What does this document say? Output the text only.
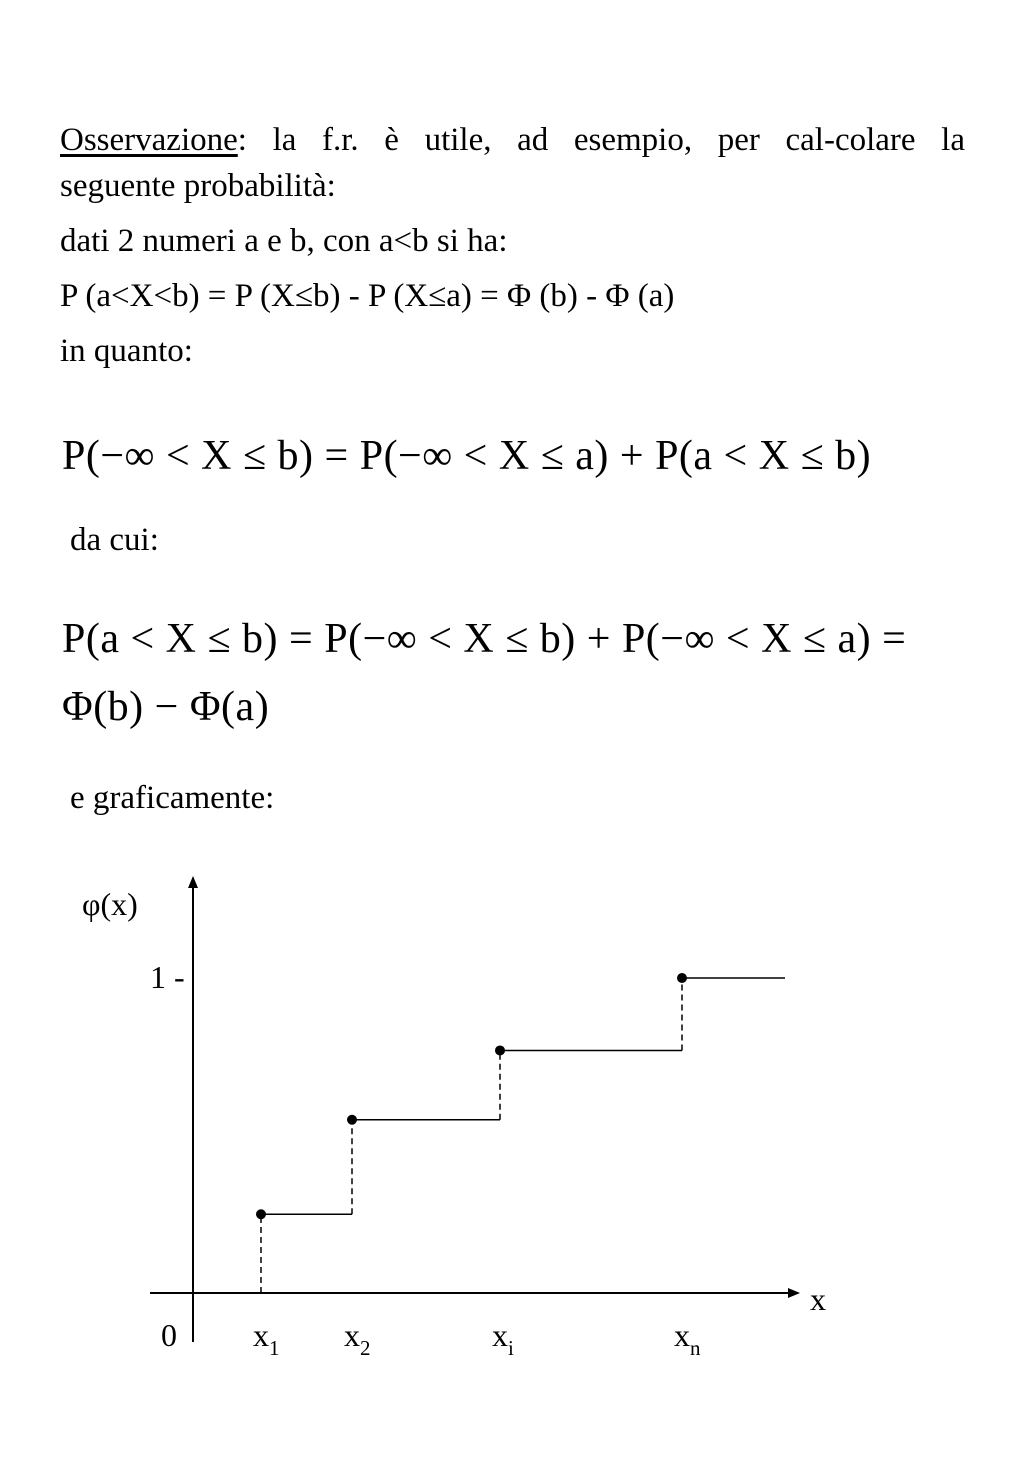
Osservazione: la f.r. è utile, ad esempio, per cal-colare la
seguente probabilità:
dati 2 numeri a e b, con a<b si ha:
P (a<X<b) = P (X≤b) - P (X≤a) = Φ (b) - Φ (a)
in quanto:
P(−∞ < X ≤ b) = P(−∞ < X ≤ a) + P(a < X ≤ b)
da cui:
P(a < X ≤ b) = P(−∞ < X ≤ b) + P(−∞ < X ≤ a) =
Φ(b) − Φ(a)
e graficamente:
φ(x)
x
0
1 -
$x_1$ $x_2$	$x_i$	$x_n$
